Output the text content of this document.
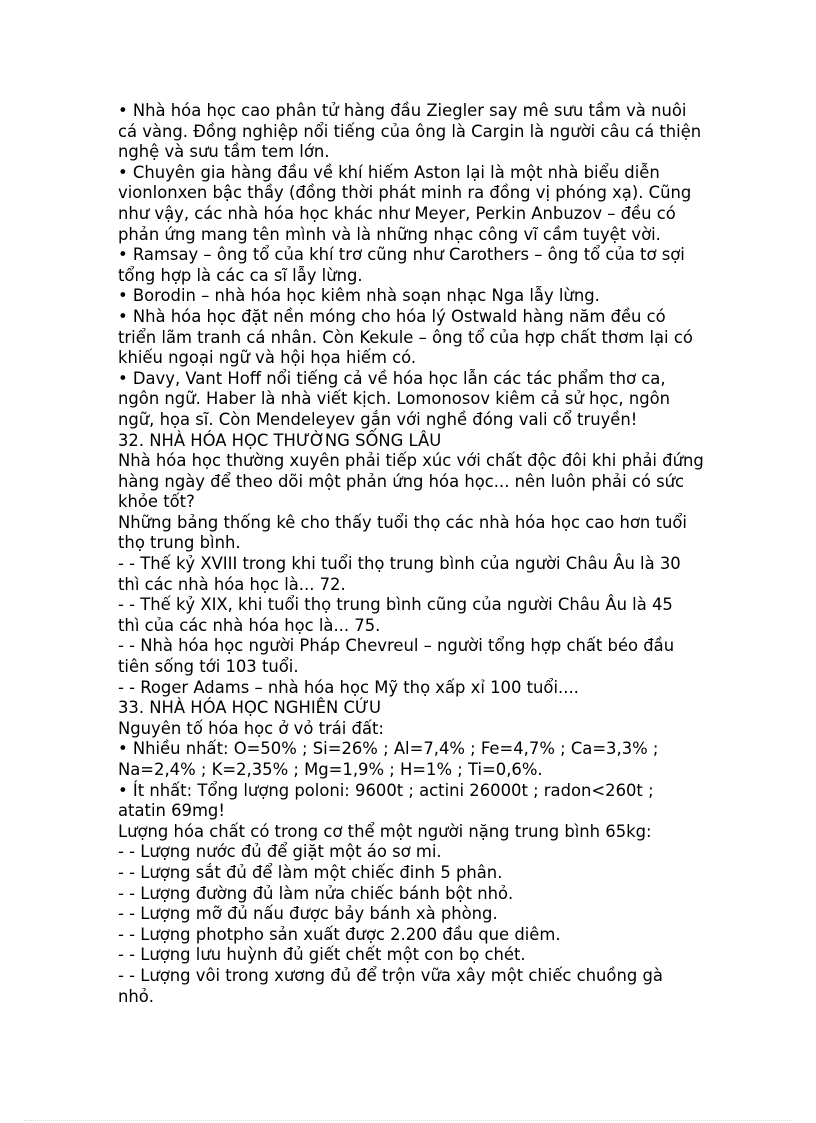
• Nhà hóa học cao phân tử hàng đầu Ziegler say mê sưu tầm và nuôi
cá vàng. Đồng nghiệp nổi tiếng của ông là Cargin là người câu cá thiện
nghệ và sưu tầm tem lớn.
• Chuyên gia hàng đầu về khí hiếm Aston lại là một nhà biểu diễn
vionlonxen bậc thầy (đồng thời phát minh ra đồng vị phóng xạ). Cũng
như vậy, các nhà hóa học khác như Meyer, Perkin Anbuzov – đều có
phản ứng mang tên mình và là những nhạc công vĩ cầm tuyệt vời.
• Ramsay – ông tổ của khí trơ cũng như Carothers – ông tổ của tơ sợi
tổng hợp là các ca sĩ lẫy lừng.
• Borodin – nhà hóa học kiêm nhà soạn nhạc Nga lẫy lừng.
• Nhà hóa học đặt nền móng cho hóa lý Ostwald hàng năm đều có
triển lãm tranh cá nhân. Còn Kekule – ông tổ của hợp chất thơm lại có
khiếu ngoại ngữ và hội họa hiếm có.
• Davy, Vant Hoff nổi tiếng cả về hóa học lẫn các tác phẩm thơ ca,
ngôn ngữ. Haber là nhà viết kịch. Lomonosov kiêm cả sử học, ngôn
ngữ, họa sĩ. Còn Mendeleyev gắn với nghề đóng vali cổ truyền!
32. NHÀ HÓA HỌC THƯỜNG SỐNG LÂU
Nhà hóa học thường xuyên phải tiếp xúc với chất độc đôi khi phải đứng
hàng ngày để theo dõi một phản ứng hóa học... nên luôn phải có sức
khỏe tốt?
Những bảng thống kê cho thấy tuổi thọ các nhà hóa học cao hơn tuổi
thọ trung bình.
- - Thế kỷ XVIII trong khi tuổi thọ trung bình của người Châu Âu là 30
thì các nhà hóa học là... 72.
- - Thế kỷ XIX, khi tuổi thọ trung bình cũng của người Châu Âu là 45
thì của các nhà hóa học là... 75.
- - Nhà hóa học người Pháp Chevreul – người tổng hợp chất béo đầu
tiên sống tới 103 tuổi.
- - Roger Adams – nhà hóa học Mỹ thọ xấp xỉ 100 tuổi....
33. NHÀ HÓA HỌC NGHIÊN CỨU
Nguyên tố hóa học ở vỏ trái đất:
• Nhiều nhất: O=50% ; Si=26% ; Al=7,4% ; Fe=4,7% ; Ca=3,3% ;
Na=2,4% ; K=2,35% ; Mg=1,9% ; H=1% ; Ti=0,6%.
• Ít nhất: Tổng lượng poloni: 9600t ; actini 26000t ; radon<260t ;
atatin 69mg!
Lượng hóa chất có trong cơ thể một người nặng trung bình 65kg:
- - Lượng nước đủ để giặt một áo sơ mi.
- - Lượng sắt đủ để làm một chiếc đinh 5 phân.
- - Lượng đường đủ làm nửa chiếc bánh bột nhỏ.
- - Lượng mỡ đủ nấu được bảy bánh xà phòng.
- - Lượng photpho sản xuất được 2.200 đầu que diêm.
- - Lượng lưu huỳnh đủ giết chết một con bọ chét.
- - Lượng vôi trong xương đủ để trộn vữa xây một chiếc chuồng gà
nhỏ.
